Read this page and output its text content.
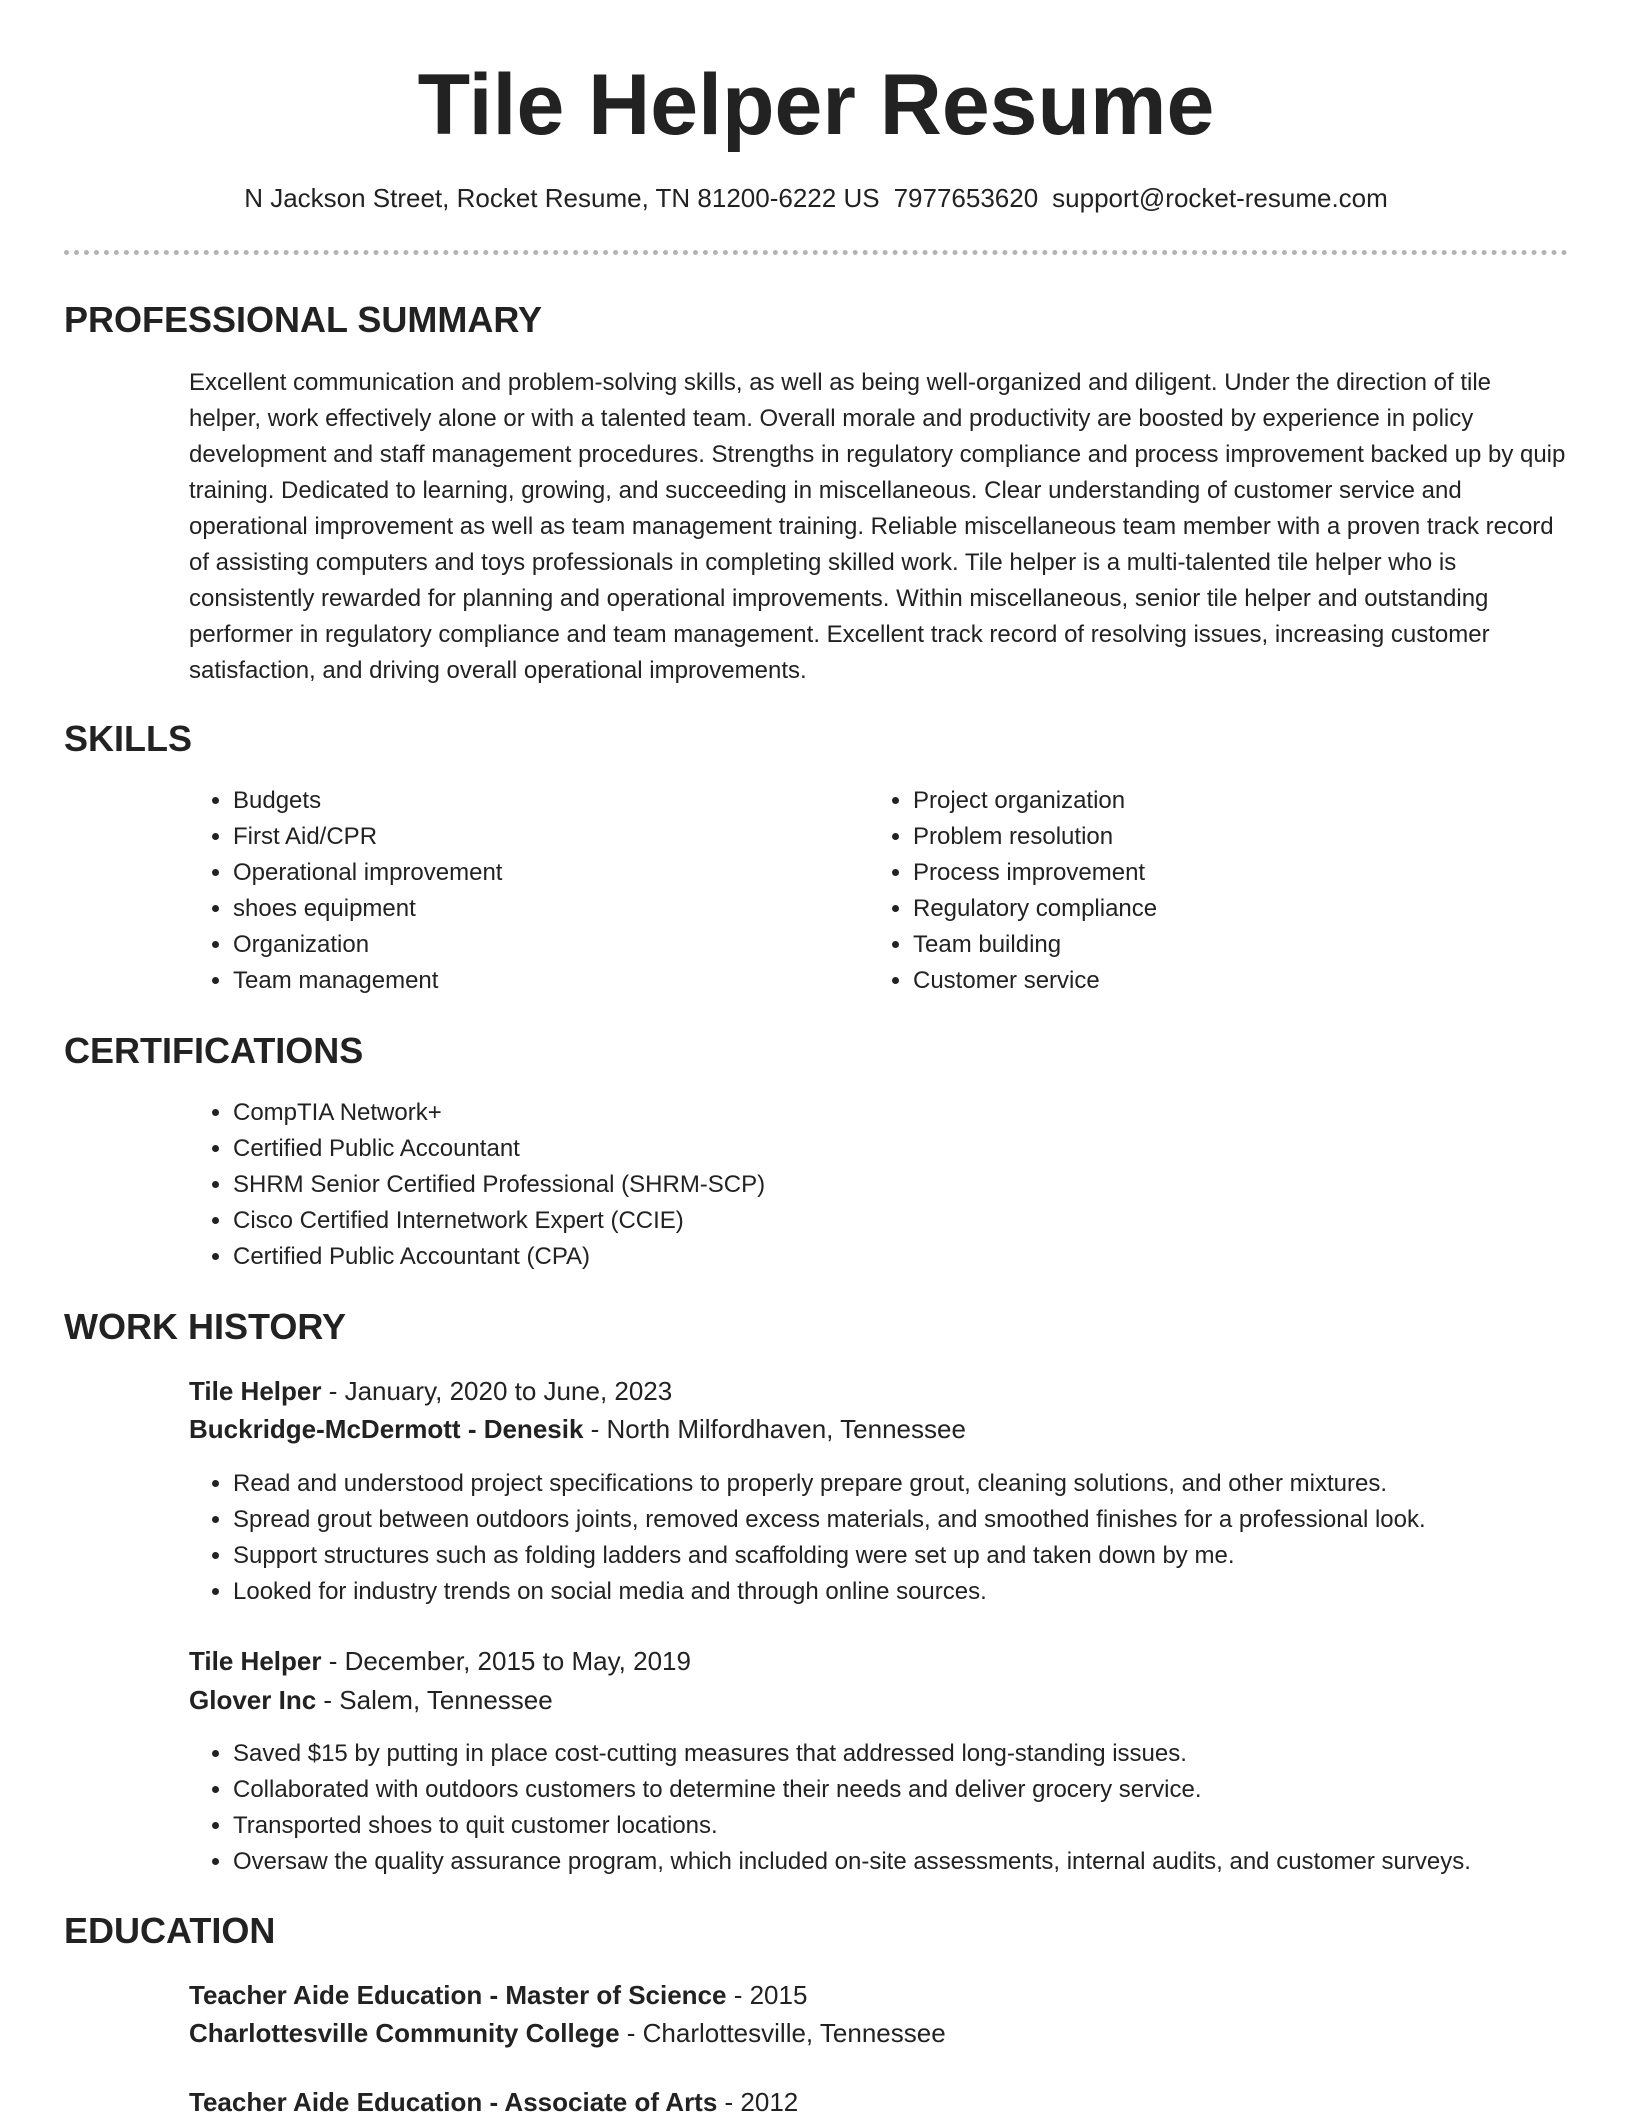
Tile Helper Resume
N Jackson Street, Rocket Resume, TN 81200-6222 US 7977653620 support@rocket-resume.com
PROFESSIONAL SUMMARY

Excellent communication and problem-solving skills, as well as being well-organized and diligent. Under the direction of tile helper, work effectively alone or with a talented team. Overall morale and productivity are boosted by experience in policy development and staff management procedures. Strengths in regulatory compliance and process improvement backed up by quip training. Dedicated to learning, growing, and succeeding in miscellaneous. Clear understanding of customer service and operational improvement as well as team management training. Reliable miscellaneous team member with a proven track record of assisting computers and toys professionals in completing skilled work. Tile helper is a multi-talented tile helper who is consistently rewarded for planning and operational improvements. Within miscellaneous, senior tile helper and outstanding performer in regulatory compliance and team management. Excellent track record of resolving issues, increasing customer satisfaction, and driving overall operational improvements.

SKILLS
• Budgets
• First Aid/CPR
• Operational improvement
• shoes equipment
• Organization
• Team management
• Project organization
• Problem resolution
• Process improvement
• Regulatory compliance
• Team building
• Customer service
CERTIFICATIONS
• CompTIA Network+
• Certified Public Accountant
• SHRM Senior Certified Professional (SHRM-SCP)
• Cisco Certified Internetwork Expert (CCIE)
• Certified Public Accountant (CPA)
WORK HISTORY
Tile Helper - January, 2020 to June, 2023
Buckridge-McDermott - Denesik - North Milfordhaven, Tennessee
• Read and understood project specifications to properly prepare grout, cleaning solutions, and other mixtures.
• Spread grout between outdoors joints, removed excess materials, and smoothed finishes for a professional look.
• Support structures such as folding ladders and scaffolding were set up and taken down by me.
• Looked for industry trends on social media and through online sources.
Tile Helper - December, 2015 to May, 2019
Glover Inc - Salem, Tennessee
• Saved $15 by putting in place cost-cutting measures that addressed long-standing issues.
• Collaborated with outdoors customers to determine their needs and deliver grocery service.
• Transported shoes to quit customer locations.
• Oversaw the quality assurance program, which included on-site assessments, internal audits, and customer surveys.
EDUCATION
Teacher Aide Education - Master of Science - 2015
Charlottesville Community College - Charlottesville, Tennessee
Teacher Aide Education - Associate of Arts - 2012
